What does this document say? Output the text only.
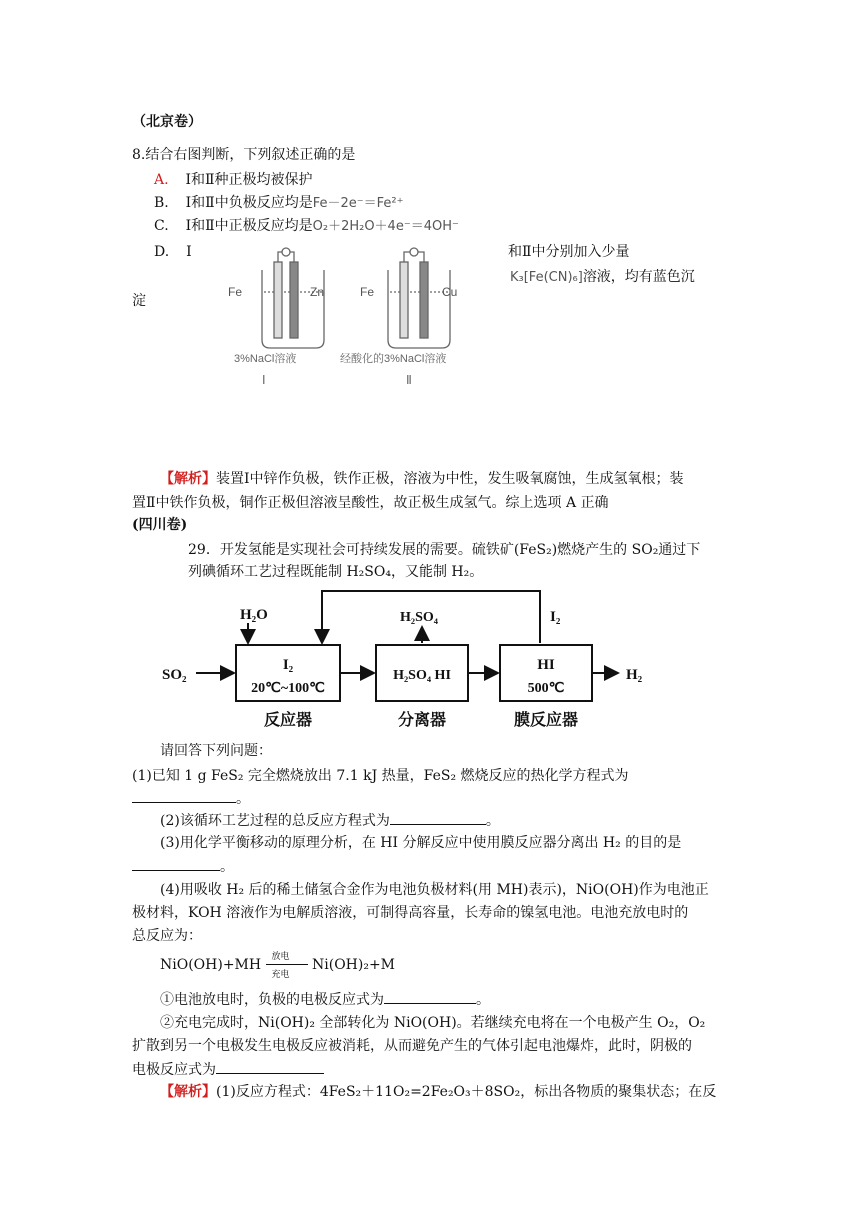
（北京卷）
8.结合右图判断，下列叙述正确的是
A. Ⅰ和Ⅱ种正极均被保护
B. Ⅰ和Ⅱ中负极反应均是Fe－2e⁻＝Fe²⁺
C. Ⅰ和Ⅱ中正极反应均是O₂＋2H₂O＋4e⁻＝4OH⁻
D. Ⅰ	和Ⅱ中分别加入少量
K₃[Fe(CN)₆]溶液，均有蓝色沉
淀
Fe	Zn	Fe	Cu
3%NaCl溶液	经酸化的3%NaCl溶液
Ⅰ	Ⅱ
【解析】装置Ⅰ中锌作负极，铁作正极，溶液为中性，发生吸氧腐蚀，生成氢氧根；装
置Ⅱ中铁作负极，铜作正极但溶液呈酸性，故正极生成氢气。综上选项 A 正确
(四川卷)
29．开发氢能是实现社会可持续发展的需要。硫铁矿(FeS₂)燃烧产生的 SO₂通过下
列碘循环工艺过程既能制 H₂SO₄，又能制 H₂。
SO₂
H₂O	H₂SO₄	I₂
H₂
I₂
20℃~100℃
H₂SO₄ HI
HI
500℃
反应器	分离器	膜反应器
请回答下列问题：
(1)已知 1 g FeS₂ 完全燃烧放出 7.1 kJ 热量，FeS₂ 燃烧反应的热化学方程式为
。
(2)该循环工艺过程的总反应方程式为	。
(3)用化学平衡移动的原理分析，在 HI 分解反应中使用膜反应器分离出 H₂ 的目的是
。
(4)用吸收 H₂ 后的稀土储氢合金作为电池负极材料(用 MH)表示)，NiO(OH)作为电池正
极材料，KOH 溶液作为电解质溶液，可制得高容量，长寿命的镍氢电池。电池充放电时的
总反应为：
NiO(OH)+MH 放电
充电
Ni(OH)₂+M
①电池放电时，负极的电极反应式为	。
②充电完成时，Ni(OH)₂ 全部转化为 NiO(OH)。若继续充电将在一个电极产生 O₂，O₂
扩散到另一个电极发生电极反应被消耗，从而避免产生的气体引起电池爆炸，此时，阴极的
电极反应式为
【解析】(1)反应方程式：4FeS₂＋11O₂=2Fe₂O₃＋8SO₂，标出各物质的聚集状态；在反
